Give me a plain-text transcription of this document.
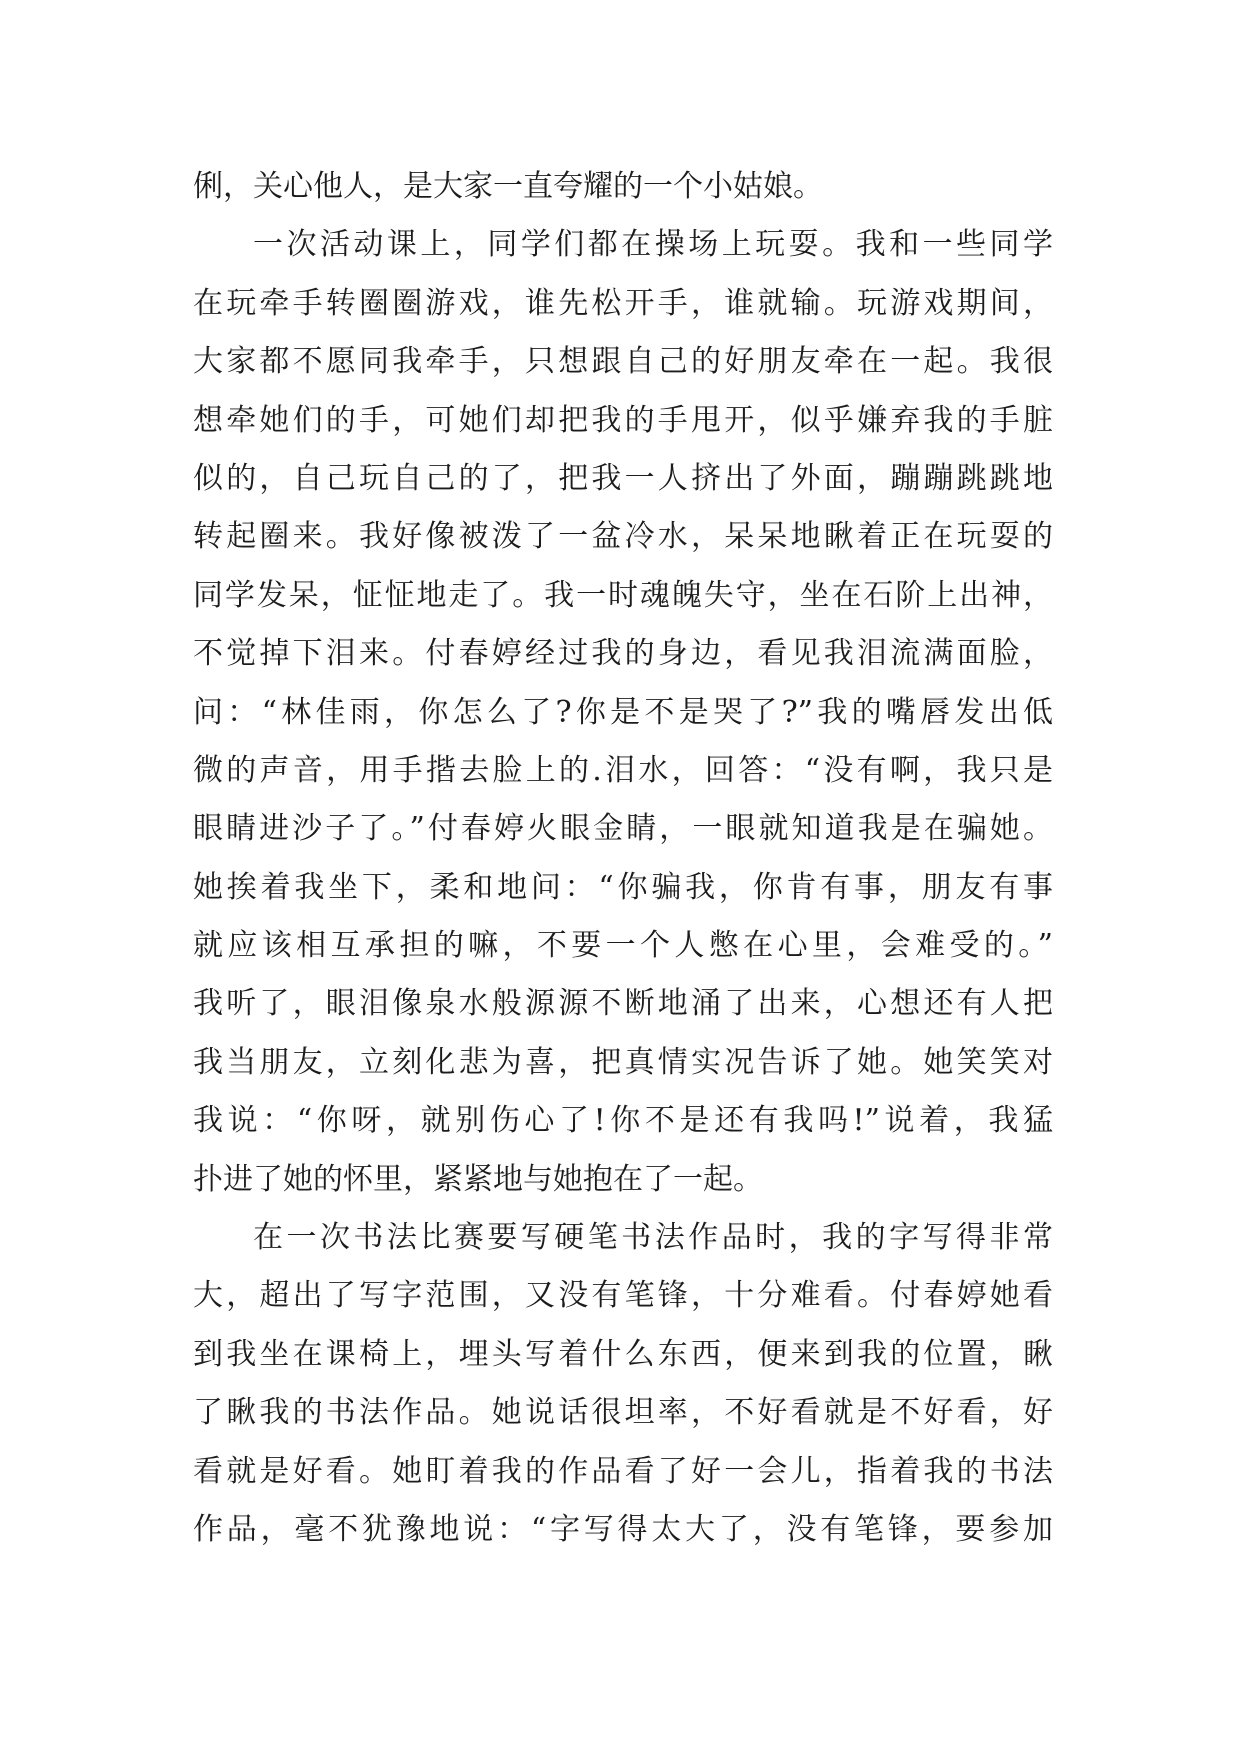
俐，关心他人，是大家一直夸耀的一个小姑娘。
一次活动课上，同学们都在操场上玩耍。我和一些同学
在玩牵手转圈圈游戏，谁先松开手，谁就输。玩游戏期间，
大家都不愿同我牵手，只想跟自己的好朋友牵在一起。我很
想牵她们的手，可她们却把我的手甩开，似乎嫌弃我的手脏
似的，自己玩自己的了，把我一人挤出了外面，蹦蹦跳跳地
转起圈来。我好像被泼了一盆冷水，呆呆地瞅着正在玩耍的
同学发呆，怔怔地走了。我一时魂魄失守，坐在石阶上出神，
不觉掉下泪来。付春婷经过我的身边，看见我泪流满面脸，
问：“林佳雨，你怎么了?你是不是哭了?”我的嘴唇发出低
微的声音，用手揩去脸上的.泪水，回答：“没有啊，我只是
眼睛进沙子了。”付春婷火眼金睛，一眼就知道我是在骗她。
她挨着我坐下，柔和地问：“你骗我，你肯有事，朋友有事
就应该相互承担的嘛，不要一个人憋在心里，会难受的。”
我听了，眼泪像泉水般源源不断地涌了出来，心想还有人把
我当朋友，立刻化悲为喜，把真情实况告诉了她。她笑笑对
我说：“你呀，就别伤心了!你不是还有我吗!”说着，我猛
扑进了她的怀里，紧紧地与她抱在了一起。
在一次书法比赛要写硬笔书法作品时，我的字写得非常
大，超出了写字范围，又没有笔锋，十分难看。付春婷她看
到我坐在课椅上，埋头写着什么东西，便来到我的位置，瞅
了瞅我的书法作品。她说话很坦率，不好看就是不好看，好
看就是好看。她盯着我的作品看了好一会儿，指着我的书法
作品，毫不犹豫地说：“字写得太大了，没有笔锋，要参加
